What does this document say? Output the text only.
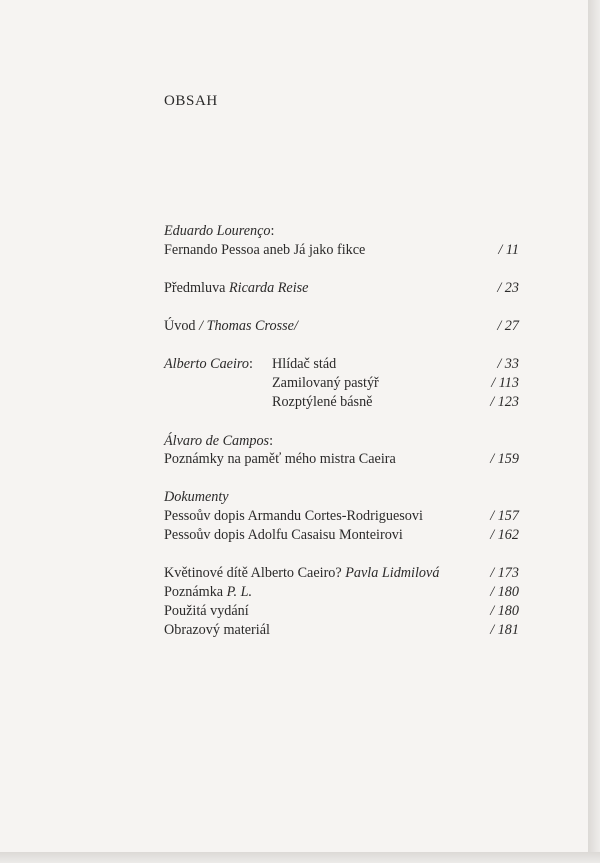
OBSAH
Eduardo Lourenço:
Fernando Pessoa aneb Já jako fikce	/ 11
Předmluva Ricarda Reise	/ 23
Úvod / Thomas Crosse/	/ 27
Alberto Caeiro: Hlídač stád	/ 33
Zamilovaný pastýř	/ 113
Rozptýlené básně	/ 123
Álvaro de Campos:
Poznámky na paměť mého mistra Caeira	/ 159
Dokumenty
Pessoův dopis Armandu Cortes-Rodriguesovi	/ 157
Pessoův dopis Adolfu Casaisu Monteirovi	/ 162
Květinové dítě Alberto Caeiro? Pavla Lidmilová	/ 173
Poznámka P. L.	/ 180
Použitá vydání	/ 180
Obrazový materiál	/ 181
